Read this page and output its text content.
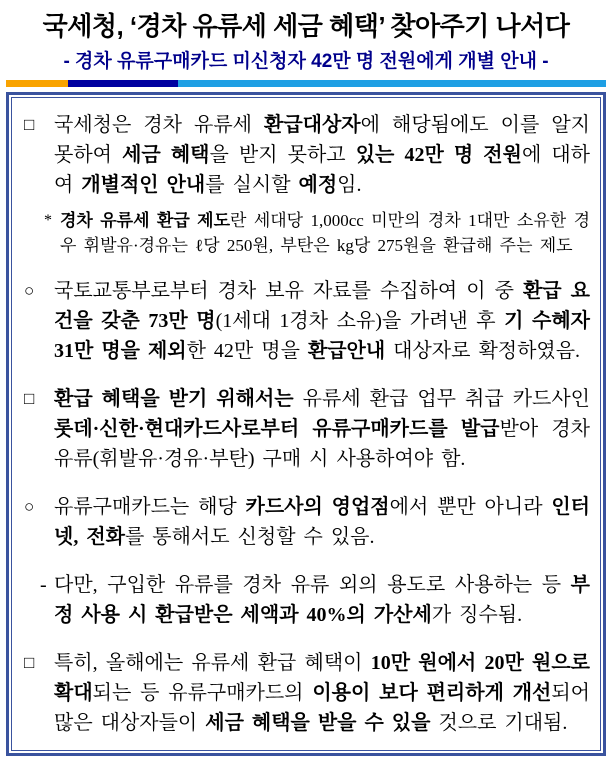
국세청, ‘경차 유류세 세금 혜택’ 찾아주기 나서다
- 경차 유류구매카드 미신청자 42만 명 전원에게 개별 안내 -
□ 국세청은 경차 유류세 환급대상자에 해당됨에도 이를 알지 못하여 세금 혜택을 받지 못하고 있는 42만 명 전원에 대하여 개별적인 안내를 실시할 예정임.
* 경차 유류세 환급 제도란 세대당 1,000cc 미만의 경차 1대만 소유한 경우 휘발유·경유는 ℓ당 250원, 부탄은 kg당 275원을 환급해 주는 제도
○ 국토교통부로부터 경차 보유 자료를 수집하여 이 중 환급 요건을 갖춘 73만 명(1세대 1경차 소유)을 가려낸 후 기 수혜자 31만 명을 제외한 42만 명을 환급안내 대상자로 확정하였음.
□ 환급 혜택을 받기 위해서는 유류세 환급 업무 취급 카드사인 롯데·신한·현대카드사로부터 유류구매카드를 발급받아 경차 유류(휘발유·경유·부탄) 구매 시 사용하여야 함.
○ 유류구매카드는 해당 카드사의 영업점에서 뿐만 아니라 인터넷, 전화를 통해서도 신청할 수 있음.
- 다만, 구입한 유류를 경차 유류 외의 용도로 사용하는 등 부정 사용 시 환급받은 세액과 40%의 가산세가 징수됨.
□ 특히, 올해에는 유류세 환급 혜택이 10만 원에서 20만 원으로 확대되는 등 유류구매카드의 이용이 보다 편리하게 개선되어 많은 대상자들이 세금 혜택을 받을 수 있을 것으로 기대됨.
